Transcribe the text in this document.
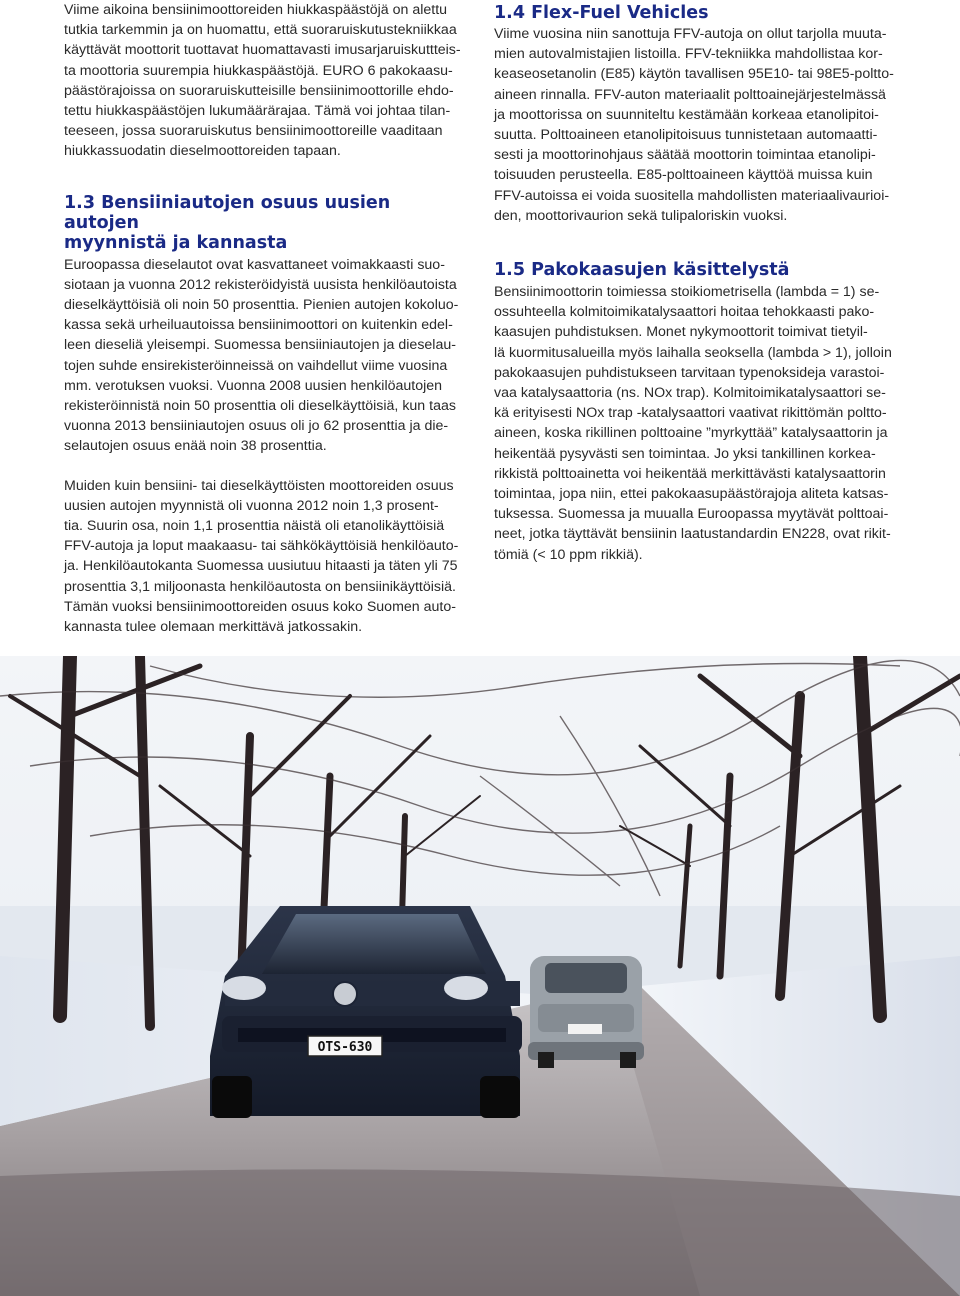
Viime aikoina bensiinimoottoreiden hiukkaspäästöjä on alettu
tutkia tarkemmin ja on huomattu, että suoraruiskutustekniikkaa
käyttävät moottorit tuottavat huomattavasti imusarjaruiskuttteis-
ta moottoria suurempia hiukkaspäästöjä. EURO 6 pakokaasu-
päästörajoissa on suoraruiskutteisille bensiinimoottorille ehdo-
tettu hiukkaspäästöjen lukumäärärajaa. Tämä voi johtaa tilan-
teeseen, jossa suoraruiskutus bensiinimoottoreille vaaditaan
hiukkassuodatin dieselmoottoreiden tapaan.

1.3 Bensiiniautojen osuus uusien autojen
myynnistä ja kannasta

Euroopassa dieselautot ovat kasvattaneet voimakkaasti suo-
siotaan ja vuonna 2012 rekisteröidyistä uusista henkilöautoista
dieselkäyttöisiä oli noin 50 prosenttia. Pienien autojen kokoluo-
kassa sekä urheiluautoissa bensiinimoottori on kuitenkin edel-
leen dieseliä yleisempi. Suomessa bensiiniautojen ja dieselau-
tojen suhde ensirekisteröinneissä on vaihdellut viime vuosina
mm. verotuksen vuoksi. Vuonna 2008 uusien henkilöautojen
rekisteröinnistä noin 50 prosenttia oli dieselkäyttöisiä, kun taas
vuonna 2013 bensiiniautojen osuus oli jo 62 prosenttia ja die-
selautojen osuus enää noin 38 prosenttia.

Muiden kuin bensiini- tai dieselkäyttöisten moottoreiden osuus
uusien autojen myynnistä oli vuonna 2012 noin 1,3 prosent-
tia. Suurin osa, noin 1,1 prosenttia näistä oli etanolikäyttöisiä
FFV-autoja ja loput maakaasu- tai sähkökäyttöisiä henkilöauto-
ja. Henkilöautokanta Suomessa uusiutuu hitaasti ja täten yli 75
prosenttia 3,1 miljoonasta henkilöautosta on bensiinikäyttöisiä.
Tämän vuoksi bensiinimoottoreiden osuus koko Suomen auto-
kannasta tulee olemaan merkittävä jatkossakin.

1.4 Flex-Fuel Vehicles

Viime vuosina niin sanottuja FFV-autoja on ollut tarjolla muuta-
mien autovalmistajien listoilla. FFV-tekniikka mahdollistaa kor-
keaseosetanolin (E85) käytön tavallisen 95E10- tai 98E5-poltto-
aineen rinnalla. FFV-auton materiaalit polttoainejärjestelmässä
ja moottorissa on suunniteltu kestämään korkeaa etanolipitoi-
suutta. Polttoaineen etanolipitoisuus tunnistetaan automaatti-
sesti ja moottorinohjaus säätää moottorin toimintaa etanolipi-
toisuuden perusteella. E85-polttoaineen käyttöä muissa kuin
FFV-autoissa ei voida suositella mahdollisten materiaalivaurioi-
den, moottorivaurion sekä tulipaloriskin vuoksi.

1.5 Pakokaasujen käsittelystä

Bensiinimoottorin toimiessa stoikiometrisella (lambda = 1) se-
ossuhteella kolmitoimikatalysaattori hoitaa tehokkaasti pako-
kaasujen puhdistuksen. Monet nykymoottorit toimivat tietyil-
lä kuormitusalueilla myös laihalla seoksella (lambda > 1), jolloin
pakokaasujen puhdistukseen tarvitaan typenoksideja varastoi-
vaa katalysaattoria (ns. NOx trap). Kolmitoimikatalysaattori se-
kä erityisesti NOx trap -katalysaattori vaativat rikittömän poltto-
aineen, koska rikillinen polttoaine ”myrkyttää” katalysaattorin ja
heikentää pysyvästi sen toimintaa. Jo yksi tankillinen korkea-
rikkistä polttoainetta voi heikentää merkittävästi katalysaattorin
toimintaa, jopa niin, ettei pakokaasupäästörajoja aliteta katsas-
tuksessa. Suomessa ja muualla Euroopassa myytävät polttoai-
neet, jotka täyttävät bensiinin laatustandardin EN228, ovat rikit-
tömiä (< 10 ppm rikkiä).

OTS-630
